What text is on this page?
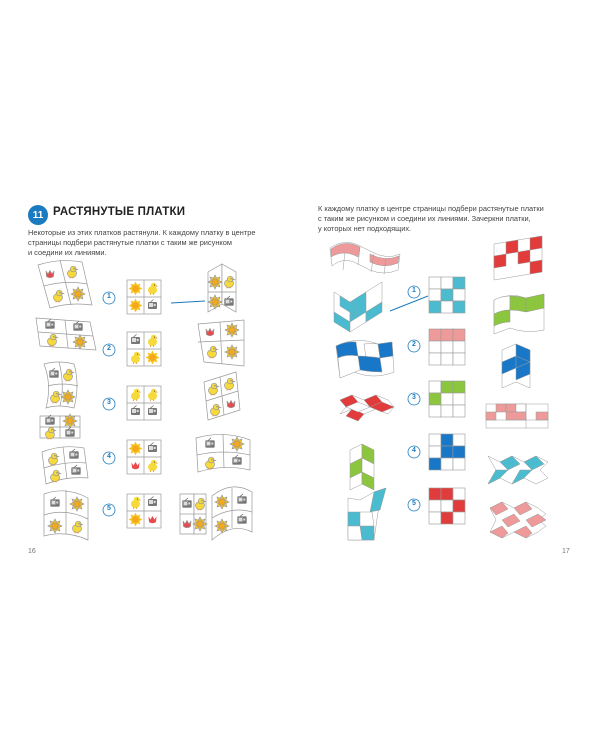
11 РАСТЯНУТЫЕ ПЛАТКИ
Некоторые из этих платков растянули. К каждому платку в центре
страницы подбери растянутые платки с таким же рисунком
и соедини их линиями.
К каждому платку в центре страницы подбери растянутые платки
с таким же рисунком и соедини их линиями. Зачеркни платки,
у которых нет подходящих.
16	17
1
2
3
4
5
1
2
3
4
5
